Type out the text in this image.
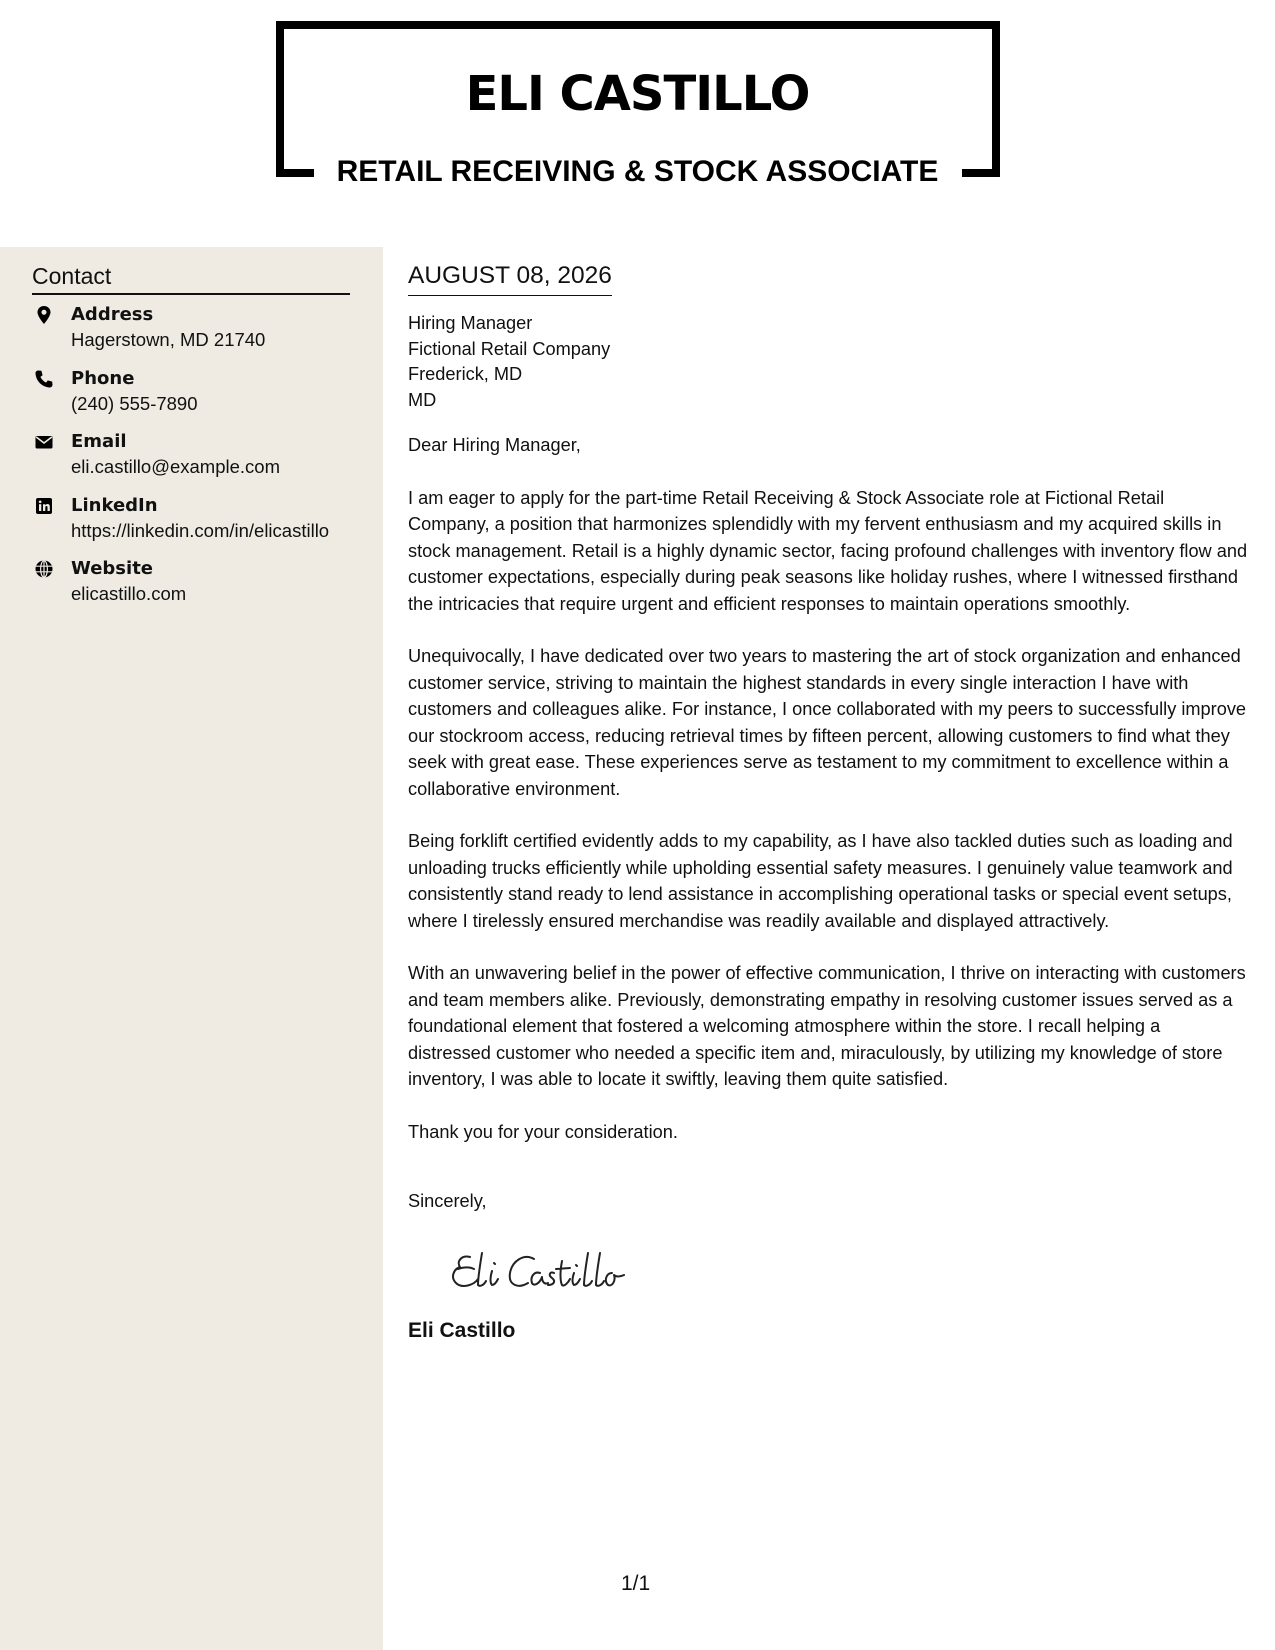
ELI CASTILLO
RETAIL RECEIVING & STOCK ASSOCIATE
Contact
Address
Hagerstown, MD 21740
Phone
(240) 555-7890
Email
eli.castillo@example.com
LinkedIn
https://linkedin.com/in/elicastillo
Website
elicastillo.com
AUGUST 08, 2026
Hiring Manager
Fictional Retail Company
Frederick, MD
MD
Dear Hiring Manager,

I am eager to apply for the part-time Retail Receiving & Stock Associate role at Fictional Retail Company, a position that harmonizes splendidly with my fervent enthusiasm and my acquired skills in stock management. Retail is a highly dynamic sector, facing profound challenges with inventory flow and customer expectations, especially during peak seasons like holiday rushes, where I witnessed firsthand the intricacies that require urgent and efficient responses to maintain operations smoothly.

Unequivocally, I have dedicated over two years to mastering the art of stock organization and enhanced customer service, striving to maintain the highest standards in every single interaction I have with customers and colleagues alike. For instance, I once collaborated with my peers to successfully improve our stockroom access, reducing retrieval times by fifteen percent, allowing customers to find what they seek with great ease. These experiences serve as testament to my commitment to excellence within a collaborative environment.

Being forklift certified evidently adds to my capability, as I have also tackled duties such as loading and unloading trucks efficiently while upholding essential safety measures. I genuinely value teamwork and consistently stand ready to lend assistance in accomplishing operational tasks or special event setups, where I tirelessly ensured merchandise was readily available and displayed attractively.

With an unwavering belief in the power of effective communication, I thrive on interacting with customers and team members alike. Previously, demonstrating empathy in resolving customer issues served as a foundational element that fostered a welcoming atmosphere within the store. I recall helping a distressed customer who needed a specific item and, miraculously, by utilizing my knowledge of store inventory, I was able to locate it swiftly, leaving them quite satisfied.

Thank you for your consideration.
Sincerely,
Eli Castillo
1/1
